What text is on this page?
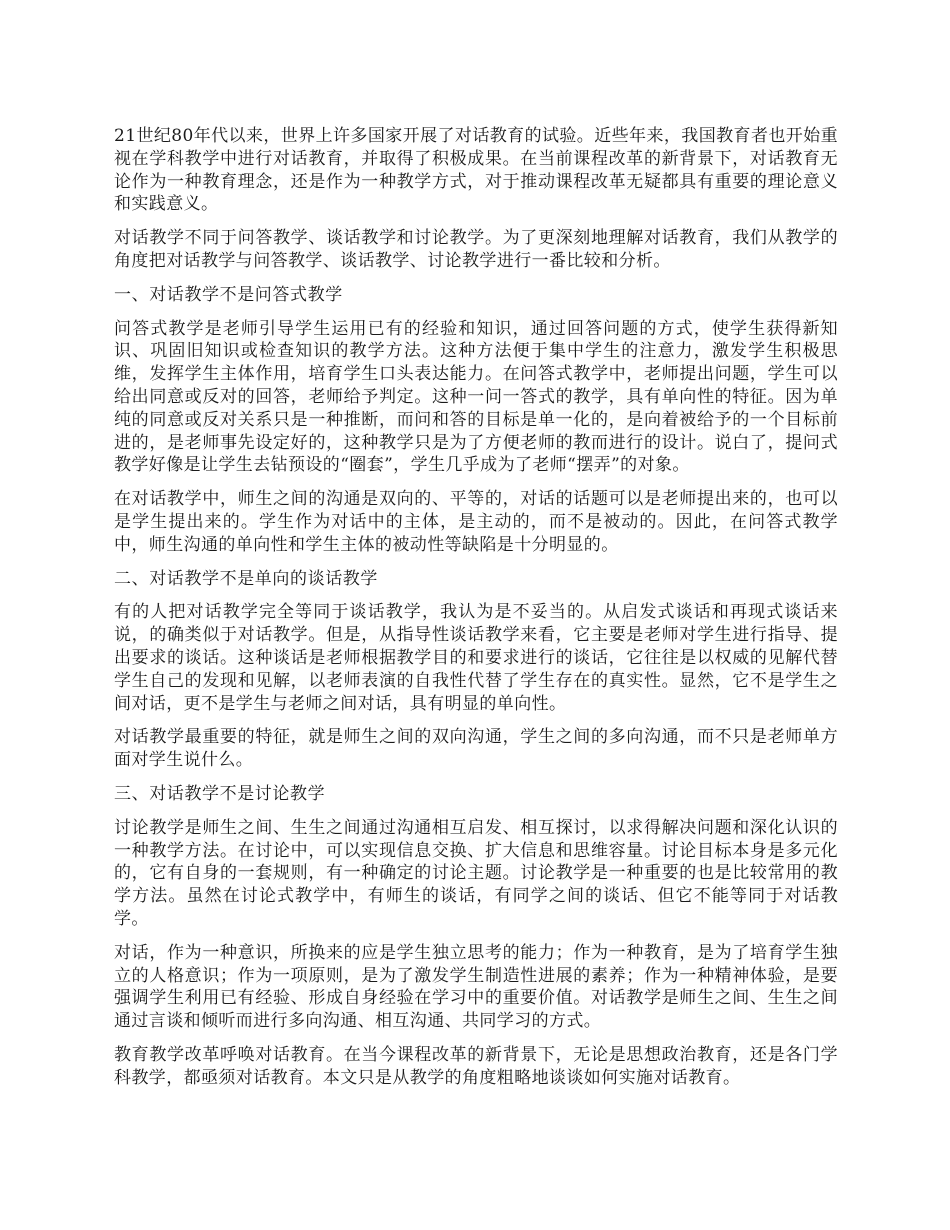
21世纪80年代以来，世界上许多国家开展了对话教育的试验。近些年来，我国教育者也开始重视在学科教学中进行对话教育，并取得了积极成果。在当前课程改革的新背景下，对话教育无论作为一种教育理念，还是作为一种教学方式，对于推动课程改革无疑都具有重要的理论意义和实践意义。

对话教学不同于问答教学、谈话教学和讨论教学。为了更深刻地理解对话教育，我们从教学的角度把对话教学与问答教学、谈话教学、讨论教学进行一番比较和分析。

一、对话教学不是问答式教学

问答式教学是老师引导学生运用已有的经验和知识，通过回答问题的方式，使学生获得新知识、巩固旧知识或检查知识的教学方法。这种方法便于集中学生的注意力，激发学生积极思维，发挥学生主体作用，培育学生口头表达能力。在问答式教学中，老师提出问题，学生可以给出同意或反对的回答，老师给予判定。这种一问一答式的教学，具有单向性的特征。因为单纯的同意或反对关系只是一种推断，而问和答的目标是单一化的，是向着被给予的一个目标前进的，是老师事先设定好的，这种教学只是为了方便老师的教而进行的设计。说白了，提问式教学好像是让学生去钻预设的“圈套”，学生几乎成为了老师“摆弄”的对象。

在对话教学中，师生之间的沟通是双向的、平等的，对话的话题可以是老师提出来的，也可以是学生提出来的。学生作为对话中的主体，是主动的，而不是被动的。因此，在问答式教学中，师生沟通的单向性和学生主体的被动性等缺陷是十分明显的。

二、对话教学不是单向的谈话教学

有的人把对话教学完全等同于谈话教学，我认为是不妥当的。从启发式谈话和再现式谈话来说，的确类似于对话教学。但是，从指导性谈话教学来看，它主要是老师对学生进行指导、提出要求的谈话。这种谈话是老师根据教学目的和要求进行的谈话，它往往是以权威的见解代替学生自己的发现和见解，以老师表演的自我性代替了学生存在的真实性。显然，它不是学生之间对话，更不是学生与老师之间对话，具有明显的单向性。

对话教学最重要的特征，就是师生之间的双向沟通，学生之间的多向沟通，而不只是老师单方面对学生说什么。

三、对话教学不是讨论教学

讨论教学是师生之间、生生之间通过沟通相互启发、相互探讨，以求得解决问题和深化认识的一种教学方法。在讨论中，可以实现信息交换、扩大信息和思维容量。讨论目标本身是多元化的，它有自身的一套规则，有一种确定的讨论主题。讨论教学是一种重要的也是比较常用的教学方法。虽然在讨论式教学中，有师生的谈话，有同学之间的谈话、但它不能等同于对话教学。

对话，作为一种意识，所换来的应是学生独立思考的能力；作为一种教育，是为了培育学生独立的人格意识；作为一项原则，是为了激发学生制造性进展的素养；作为一种精神体验，是要强调学生利用已有经验、形成自身经验在学习中的重要价值。对话教学是师生之间、生生之间通过言谈和倾听而进行多向沟通、相互沟通、共同学习的方式。

教育教学改革呼唤对话教育。在当今课程改革的新背景下，无论是思想政治教育，还是各门学科教学，都亟须对话教育。本文只是从教学的角度粗略地谈谈如何实施对话教育。
